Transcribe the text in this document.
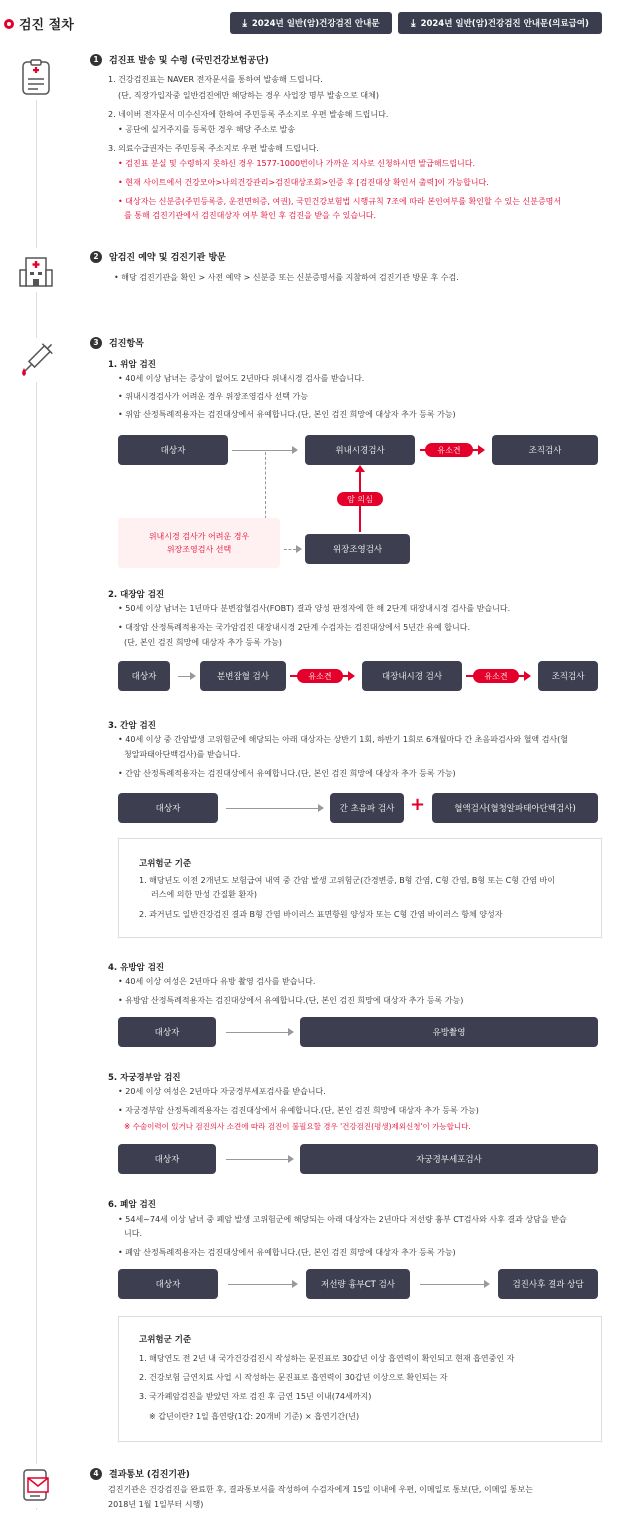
검진 절차	⤓ 2024년 일반(암)건강검진 안내문	⤓ 2024년 일반(암)건강검진 안내문(의료급여)
1	검진표 발송 및 수령 (국민건강보험공단)
1. 건강검진표는 NAVER 전자문서를 통하여 발송해 드립니다.
(단, 직장가입자중 일반검진에만 해당하는 경우 사업장 명부 발송으로 대체)
2. 네이버 전자문서 미수신자에 한하여 주민등록 주소지로 우편 발송해 드립니다.
• 공단에 실거주지를 등록한 경우 해당 주소로 발송
3. 의료수급권자는 주민등록 주소지로 우편 발송해 드립니다.
• 검진표 분실 및 수령하지 못하신 경우 1577-1000번이나 가까운 지사로 신청하시면 발급해드립니다.
• 현재 사이트에서 건강모아>나의건강관리>검진대상조회>인증 후 [검진대상 확인서 출력]이 가능합니다.
• 대상자는 신분증(주민등록증, 운전면허증, 여권), 국민건강보험법 시행규칙 7조에 따라 본인여부를 확인할 수 있는 신분증명서
를 통해 검진기관에서 검진대상자 여부 확인 후 검진을 받을 수 있습니다.
2	암검진 예약 및 검진기관 방문
• 해당 검진기관을 확인 > 사전 예약 > 신분증 또는 신분증명서를 지참하여 검진기관 방문 후 수검.
3	검진항목
1. 위암 검진
• 40세 이상 남녀는 증상이 없어도 2년마다 위내시경 검사를 받습니다.
• 위내시경검사가 어려운 경우 위장조영검사 선택 가능
• 위암 산정특례적용자는 검진대상에서 유예합니다.(단, 본인 검진 희망에 대상자 추가 등록 가능)
대상자	위내시경검사	유소견	조직검사
암 의심
위내시경 검사가 어려운 경우
위장조영검사 선택	위장조영검사
2. 대장암 검진
• 50세 이상 남녀는 1년마다 분변잠혈검사(FOBT) 결과 양성 판정자에 한 해 2단계 대장내시경 검사를 받습니다.
• 대장암 산정특례적용자는 국가암검진 대장내시경 2단계 수검자는 검진대상에서 5년간 유예 합니다.
(단, 본인 검진 희망에 대상자 추가 등록 가능)
대상자	분변잠혈 검사	유소견	대장내시경 검사	유소견	조직검사
3. 간암 검진
• 40세 이상 중 간암발생 고위험군에 해당되는 아래 대상자는 상반기 1회, 하반기 1회로 6개월마다 간 초음파검사와 혈액 검사(혈
청알파태아단백검사)를 받습니다.
• 간암 산정특례적용자는 검진대상에서 유예합니다.(단, 본인 검진 희망에 대상자 추가 등록 가능)
대상자	간 초음파 검사 +	혈액검사(혈청알파태아단백검사)
고위험군 기준
1. 해당년도 이전 2개년도 보험급여 내역 중 간암 발생 고위험군(간경변증, B형 간염, C형 간염, B형 또는 C형 간염 바이
러스에 의한 만성 간질환 환자)
2. 과거년도 일반건강검진 결과 B형 간염 바이러스 표면항원 양성자 또는 C형 간염 바이러스 항체 양성자
4. 유방암 검진
• 40세 이상 여성은 2년마다 유방 촬영 검사를 받습니다.
• 유방암 산정특례적용자는 검진대상에서 유예합니다.(단, 본인 검진 희망에 대상자 추가 등록 가능)
대상자	유방촬영
5. 자궁경부암 검진
• 20세 이상 여성은 2년마다 자궁경부세포검사를 받습니다.
• 자궁경부암 산정특례적용자는 검진대상에서 유예합니다.(단, 본인 검진 희망에 대상자 추가 등록 가능)
※ 수술이력이 있거나 검진의사 소견에 따라 검진이 불필요할 경우 '건강검진(평생)제외신청'이 가능합니다.
대상자	자궁경부세포검사
6. 폐암 검진
• 54세~74세 이상 남녀 중 폐암 발생 고위험군에 해당되는 아래 대상자는 2년마다 저선량 흉부 CT검사와 사후 결과 상담을 받습
니다.
• 폐암 산정특례적용자는 검진대상에서 유예합니다.(단, 본인 검진 희망에 대상자 추가 등록 가능)
대상자	저선량 흉부CT 검사	검진사후 결과 상담
고위험군 기준
1. 해당연도 전 2년 내 국가건강검진시 작성하는 문진표로 30갑년 이상 흡연력이 확인되고 현재 흡연중인 자
2. 건강보험 금연치료 사업 시 작성하는 문진표로 흡연력이 30갑년 이상으로 확인되는 자
3. 국가폐암검진을 받았던 자로 검진 후 금연 15년 이내(74세까지)
※ 갑년이란? 1일 흡연량(1갑: 20개비 기준) × 흡연기간(년)
4	결과통보 (검진기관)
검진기관은 건강검진을 완료한 후, 결과통보서를 작성하여 수검자에게 15일 이내에 우편, 이메일로 통보(단, 이메일 통보는
2018년 1월 1일부터 시행)
